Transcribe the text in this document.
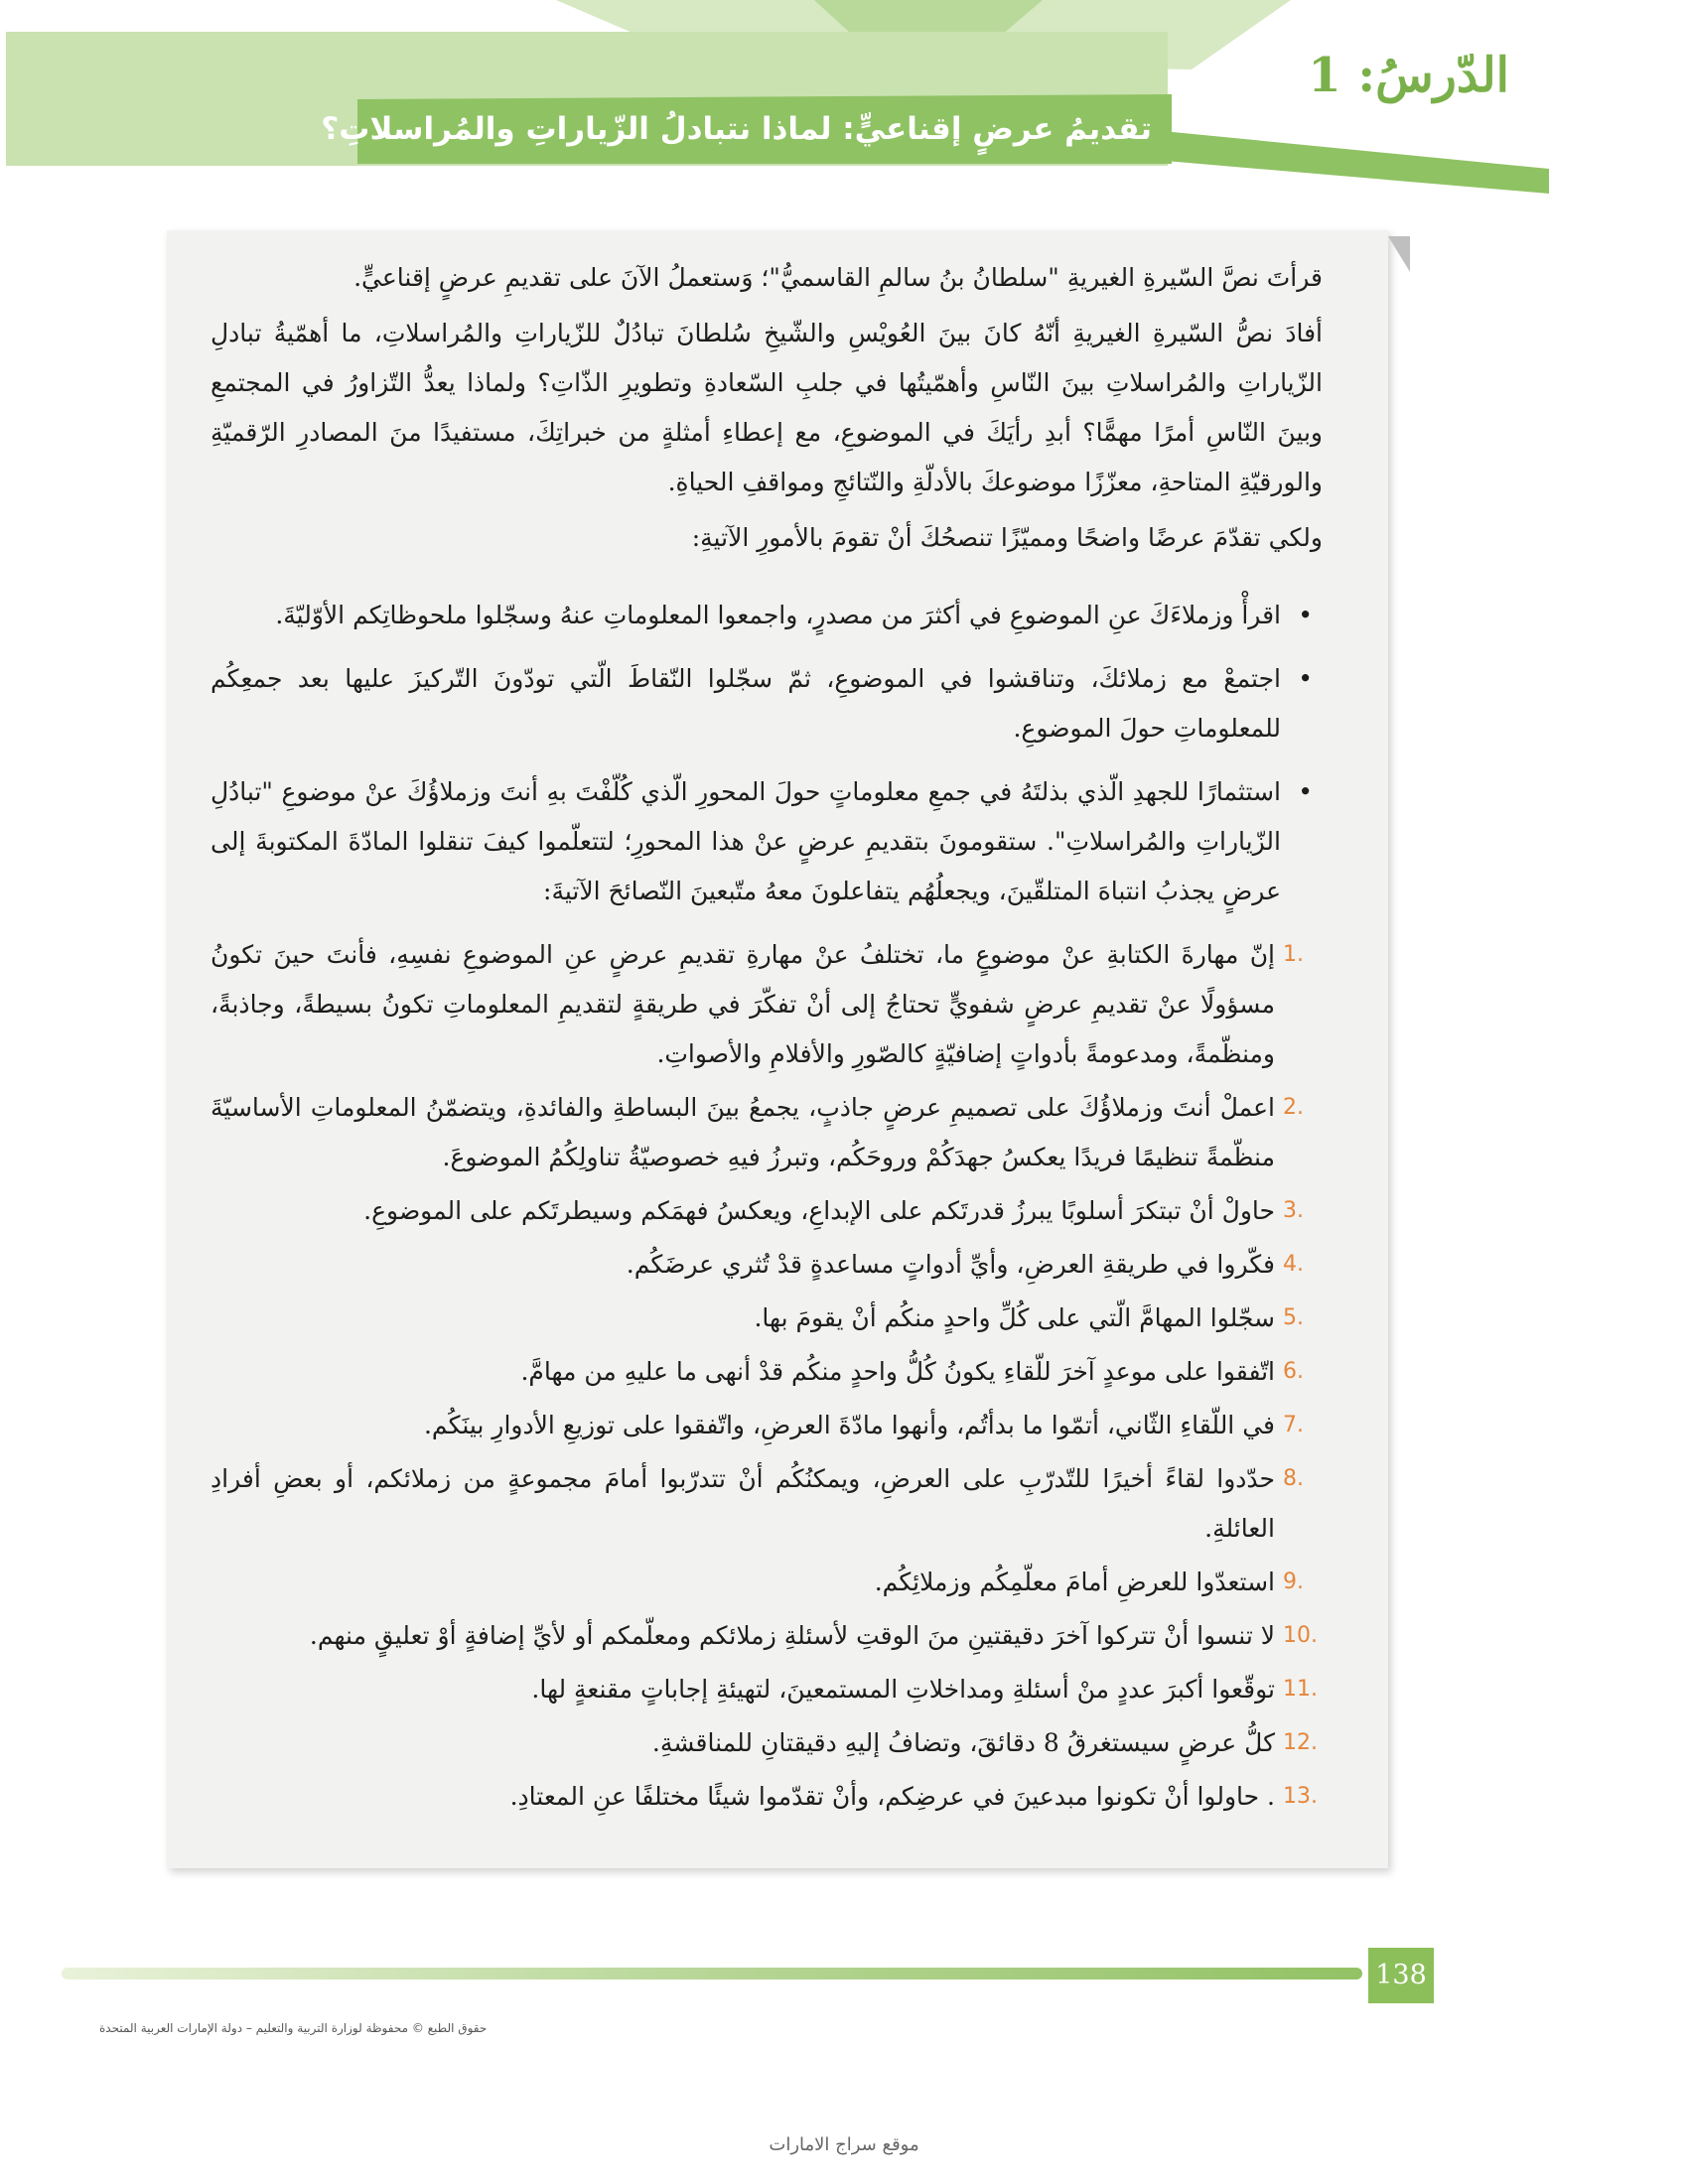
الدّرسُ: 1
تقديمُ عرضٍ إقناعيٍّ: لماذا نتبادلُ الزّياراتِ والمُراسلاتِ؟

قرأتَ نصَّ السّيرةِ الغيريةِ "سلطانُ بنُ سالمِ القاسميُّ"؛ وَستعملُ الآنَ على تقديمِ عرضٍ إقناعيٍّ.

أفادَ نصُّ السّيرةِ الغيريةِ أنّهُ كانَ بينَ العُويْسِ والشّيخِ سُلطانَ تبادُلٌ للزّياراتِ والمُراسلاتِ، ما أهمّيةُ تبادلِ الزّياراتِ والمُراسلاتِ بينَ النّاسِ وأهمّيتُها في جلبِ السّعادةِ وتطويرِ الذّاتِ؟ ولماذا يعدُّ التّزاورُ في المجتمعِ وبينَ النّاسِ أمرًا مهمًّا؟ أبدِ رأيَكَ في الموضوعِ، مع إعطاءِ أمثلةٍ من خبراتِكَ، مستفيدًا منَ المصادرِ الرّقميّةِ والورقيّةِ المتاحةِ، معزّزًا موضوعكَ بالأدلّةِ والنّتائجِ ومواقفِ الحياةِ.

ولكي تقدّمَ عرضًا واضحًا ومميّزًا تنصحُكَ أنْ تقومَ بالأمورِ الآتيةِ:

• اقرأْ وزملاءَكَ عنِ الموضوعِ في أكثرَ من مصدرٍ، واجمعوا المعلوماتِ عنهُ وسجّلوا ملحوظاتِكم الأوّليّةَ.
• اجتمعْ مع زملائكَ، وتناقشوا في الموضوعِ، ثمّ سجّلوا النّقاطَ الّتي تودّونَ التّركيزَ عليها بعد جمعِكُم للمعلوماتِ حولَ الموضوعِ.
• استثمارًا للجهدِ الّذي بذلتَهُ في جمعِ معلوماتٍ حولَ المحورِ الّذي كُلّفْتَ بهِ أنتَ وزملاؤُكَ عنْ موضوعِ "تبادُلِ الزّياراتِ والمُراسلاتِ". ستقومونَ بتقديمِ عرضٍ عنْ هذا المحورِ؛ لتتعلّموا كيفَ تنقلوا المادّةَ المكتوبةَ إلى عرضٍ يجذبُ انتباهَ المتلقّينَ، ويجعلُهُم يتفاعلونَ معهُ متّبعينَ النّصائحَ الآتيةَ:
.1
إنّ مهارةَ الكتابةِ عنْ موضوعٍ ما، تختلفُ عنْ مهارةِ تقديمِ عرضٍ عنِ الموضوعِ نفسِهِ، فأنتَ حينَ تكونُ مسؤولًا عنْ تقديمِ عرضٍ شفويٍّ تحتاجُ إلى أنْ تفكّرَ في طريقةٍ لتقديمِ المعلوماتِ تكونُ بسيطةً، وجاذبةً، ومنظّمةً، ومدعومةً بأدواتٍ إضافيّةٍ كالصّورِ والأفلامِ والأصواتِ.
.2
اعملْ أنتَ وزملاؤُكَ على تصميمِ عرضٍ جاذبٍ، يجمعُ بينَ البساطةِ والفائدةِ، ويتضمّنُ المعلوماتِ الأساسيّةَ منظّمةً تنظيمًا فريدًا يعكسُ جهدَكُمْ وروحَكُم، وتبرزُ فيهِ خصوصيّةُ تناولِكُمُ الموضوعَ.
.3
حاولْ أنْ تبتكرَ أسلوبًا يبرزُ قدرتَكم على الإبداعِ، ويعكسُ فهمَكم وسيطرتَكم على الموضوعِ.
.4
فكّروا في طريقةِ العرضِ، وأيِّ أدواتٍ مساعدةٍ قدْ تُثري عرضَكُم.
.5
سجّلوا المهامَّ الّتي على كُلِّ واحدٍ منكُم أنْ يقومَ بها.
.6
اتّفقوا على موعدٍ آخرَ للّقاءِ يكونُ كُلُّ واحدٍ منكُم قدْ أنهى ما عليهِ من مهامَّ.
.7
في اللّقاءِ الثّاني، أتمّوا ما بدأتُم، وأنهوا مادّةَ العرضِ، واتّفقوا على توزيعِ الأدوارِ بينَكُم.
.8
حدّدوا لقاءً أخيرًا للتّدرّبِ على العرضِ، ويمكنُكُم أنْ تتدرّبوا أمامَ مجموعةٍ من زملائكم، أو بعضِ أفرادِ العائلةِ.
.9
استعدّوا للعرضِ أمامَ معلّمِكُم وزملائِكُم.
.10
لا تنسوا أنْ تتركوا آخرَ دقيقتينِ منَ الوقتِ لأسئلةِ زملائكم ومعلّمكم أو لأيِّ إضافةٍ أوْ تعليقٍ منهم.
.11
توقّعوا أكبرَ عددٍ منْ أسئلةِ ومداخلاتِ المستمعينَ، لتهيئةِ إجاباتٍ مقنعةٍ لها.
.12
كلُّ عرضٍ سيستغرقُ 8 دقائقَ، وتضافُ إليهِ دقيقتانِ للمناقشةِ.
.13
. حاولوا أنْ تكونوا مبدعينَ في عرضِكم، وأنْ تقدّموا شيئًا مختلفًا عنِ المعتادِ.
138
حقوق الطبع © محفوظة لوزارة التربية والتعليم – دولة الإمارات العربية المتحدة
موقع سراج الامارات
